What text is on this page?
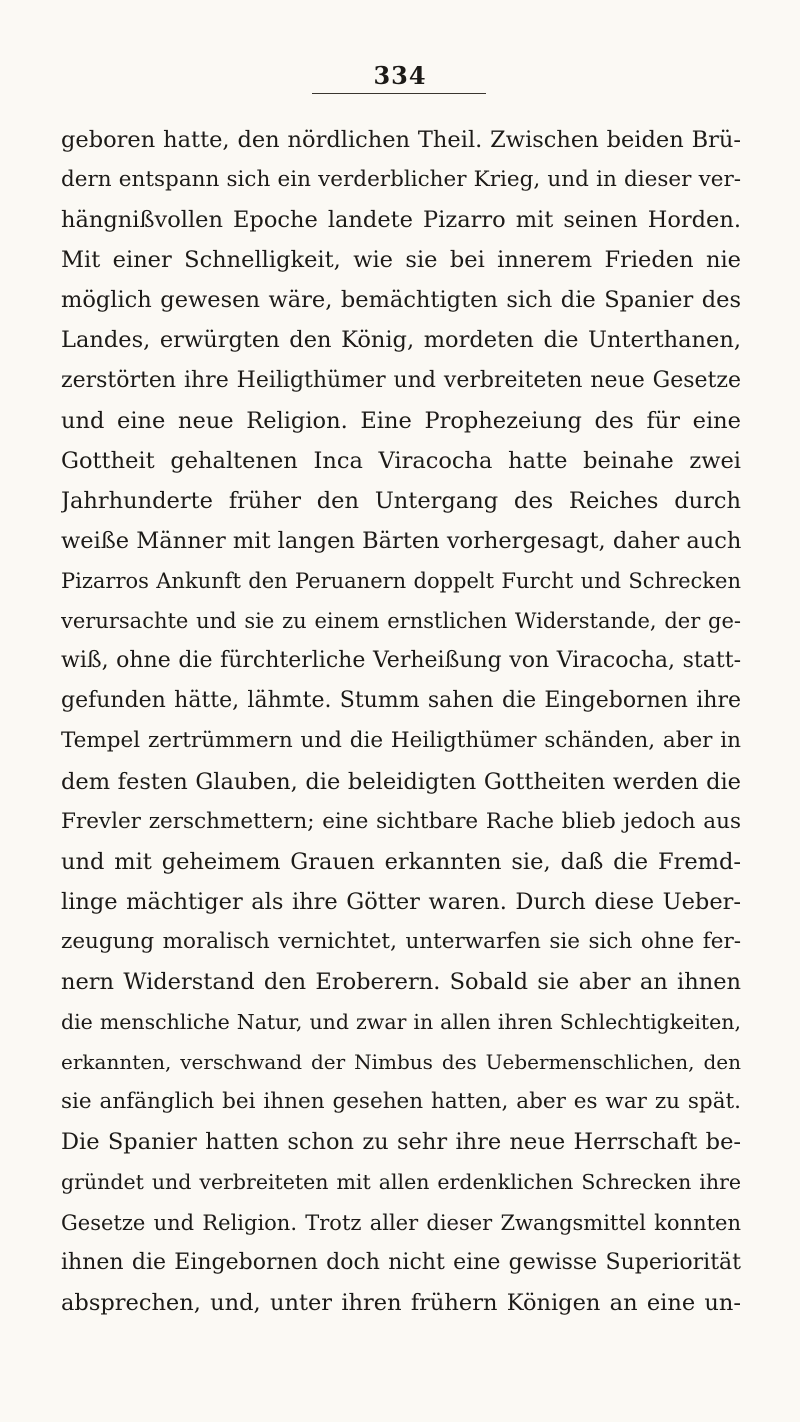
334
geboren hatte, den nördlichen Theil. Zwischen beiden Brü-
dern entspann sich ein verderblicher Krieg, und in dieser ver-
hängnißvollen Epoche landete Pizarro mit seinen Horden.
Mit einer Schnelligkeit, wie sie bei innerem Frieden nie
möglich gewesen wäre, bemächtigten sich die Spanier des
Landes, erwürgten den König, mordeten die Unterthanen,
zerstörten ihre Heiligthümer und verbreiteten neue Gesetze
und eine neue Religion. Eine Prophezeiung des für eine
Gottheit gehaltenen Inca Viracocha hatte beinahe zwei
Jahrhunderte früher den Untergang des Reiches durch
weiße Männer mit langen Bärten vorhergesagt, daher auch
Pizarros Ankunft den Peruanern doppelt Furcht und Schrecken
verursachte und sie zu einem ernstlichen Widerstande, der ge-
wiß, ohne die fürchterliche Verheißung von Viracocha, statt-
gefunden hätte, lähmte. Stumm sahen die Eingebornen ihre
Tempel zertrümmern und die Heiligthümer schänden, aber in
dem festen Glauben, die beleidigten Gottheiten werden die
Frevler zerschmettern; eine sichtbare Rache blieb jedoch aus
und mit geheimem Grauen erkannten sie, daß die Fremd-
linge mächtiger als ihre Götter waren. Durch diese Ueber-
zeugung moralisch vernichtet, unterwarfen sie sich ohne fer-
nern Widerstand den Eroberern. Sobald sie aber an ihnen
die menschliche Natur, und zwar in allen ihren Schlechtigkeiten,
erkannten, verschwand der Nimbus des Uebermenschlichen, den
sie anfänglich bei ihnen gesehen hatten, aber es war zu spät.
Die Spanier hatten schon zu sehr ihre neue Herrschaft be-
gründet und verbreiteten mit allen erdenklichen Schrecken ihre
Gesetze und Religion. Trotz aller dieser Zwangsmittel konnten
ihnen die Eingebornen doch nicht eine gewisse Superiorität
absprechen, und, unter ihren frühern Königen an eine un-
